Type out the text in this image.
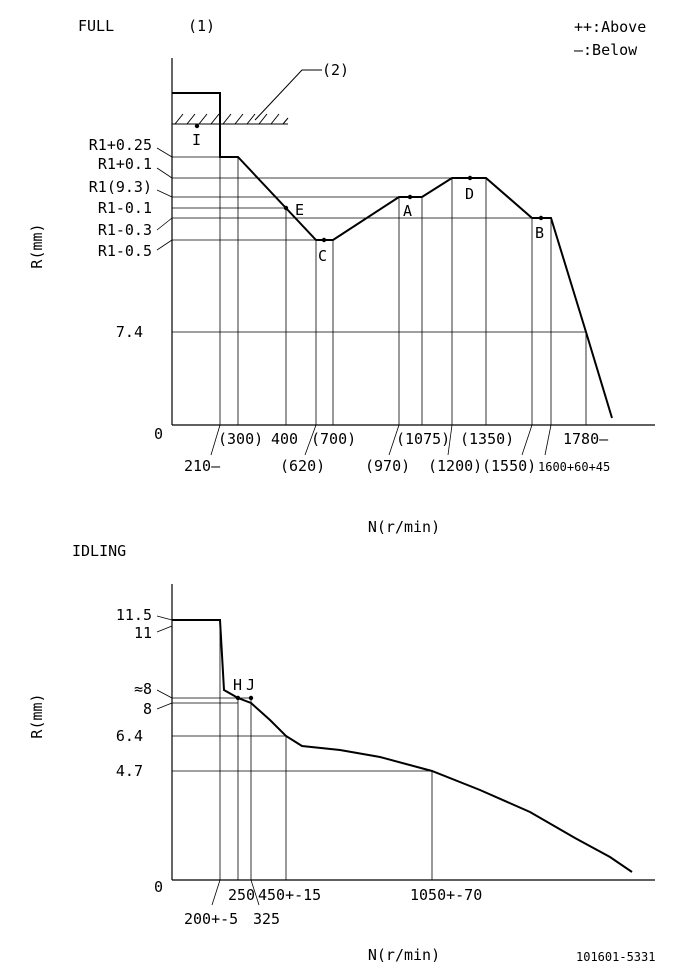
FULL	(1)	++:Above
—:Below
(2)
I
E
C
A
D
B
R1+0.25
R1+0.1
R1(9.3)
R1-0.1
R1-0.3
R1-0.5
7.4
0
R(mm)
(300) 400 (700)	(1075) (1350)	1780—
210—	(620)	(970) (1200) (1550) 1600+60+45
N(r/min)
IDLING
H J
11.5
11
≈8
8
6.4
4.7
0
R(mm)
250 450+-15	1050+-70
200+-5 325
N(r/min)	101601-5331
